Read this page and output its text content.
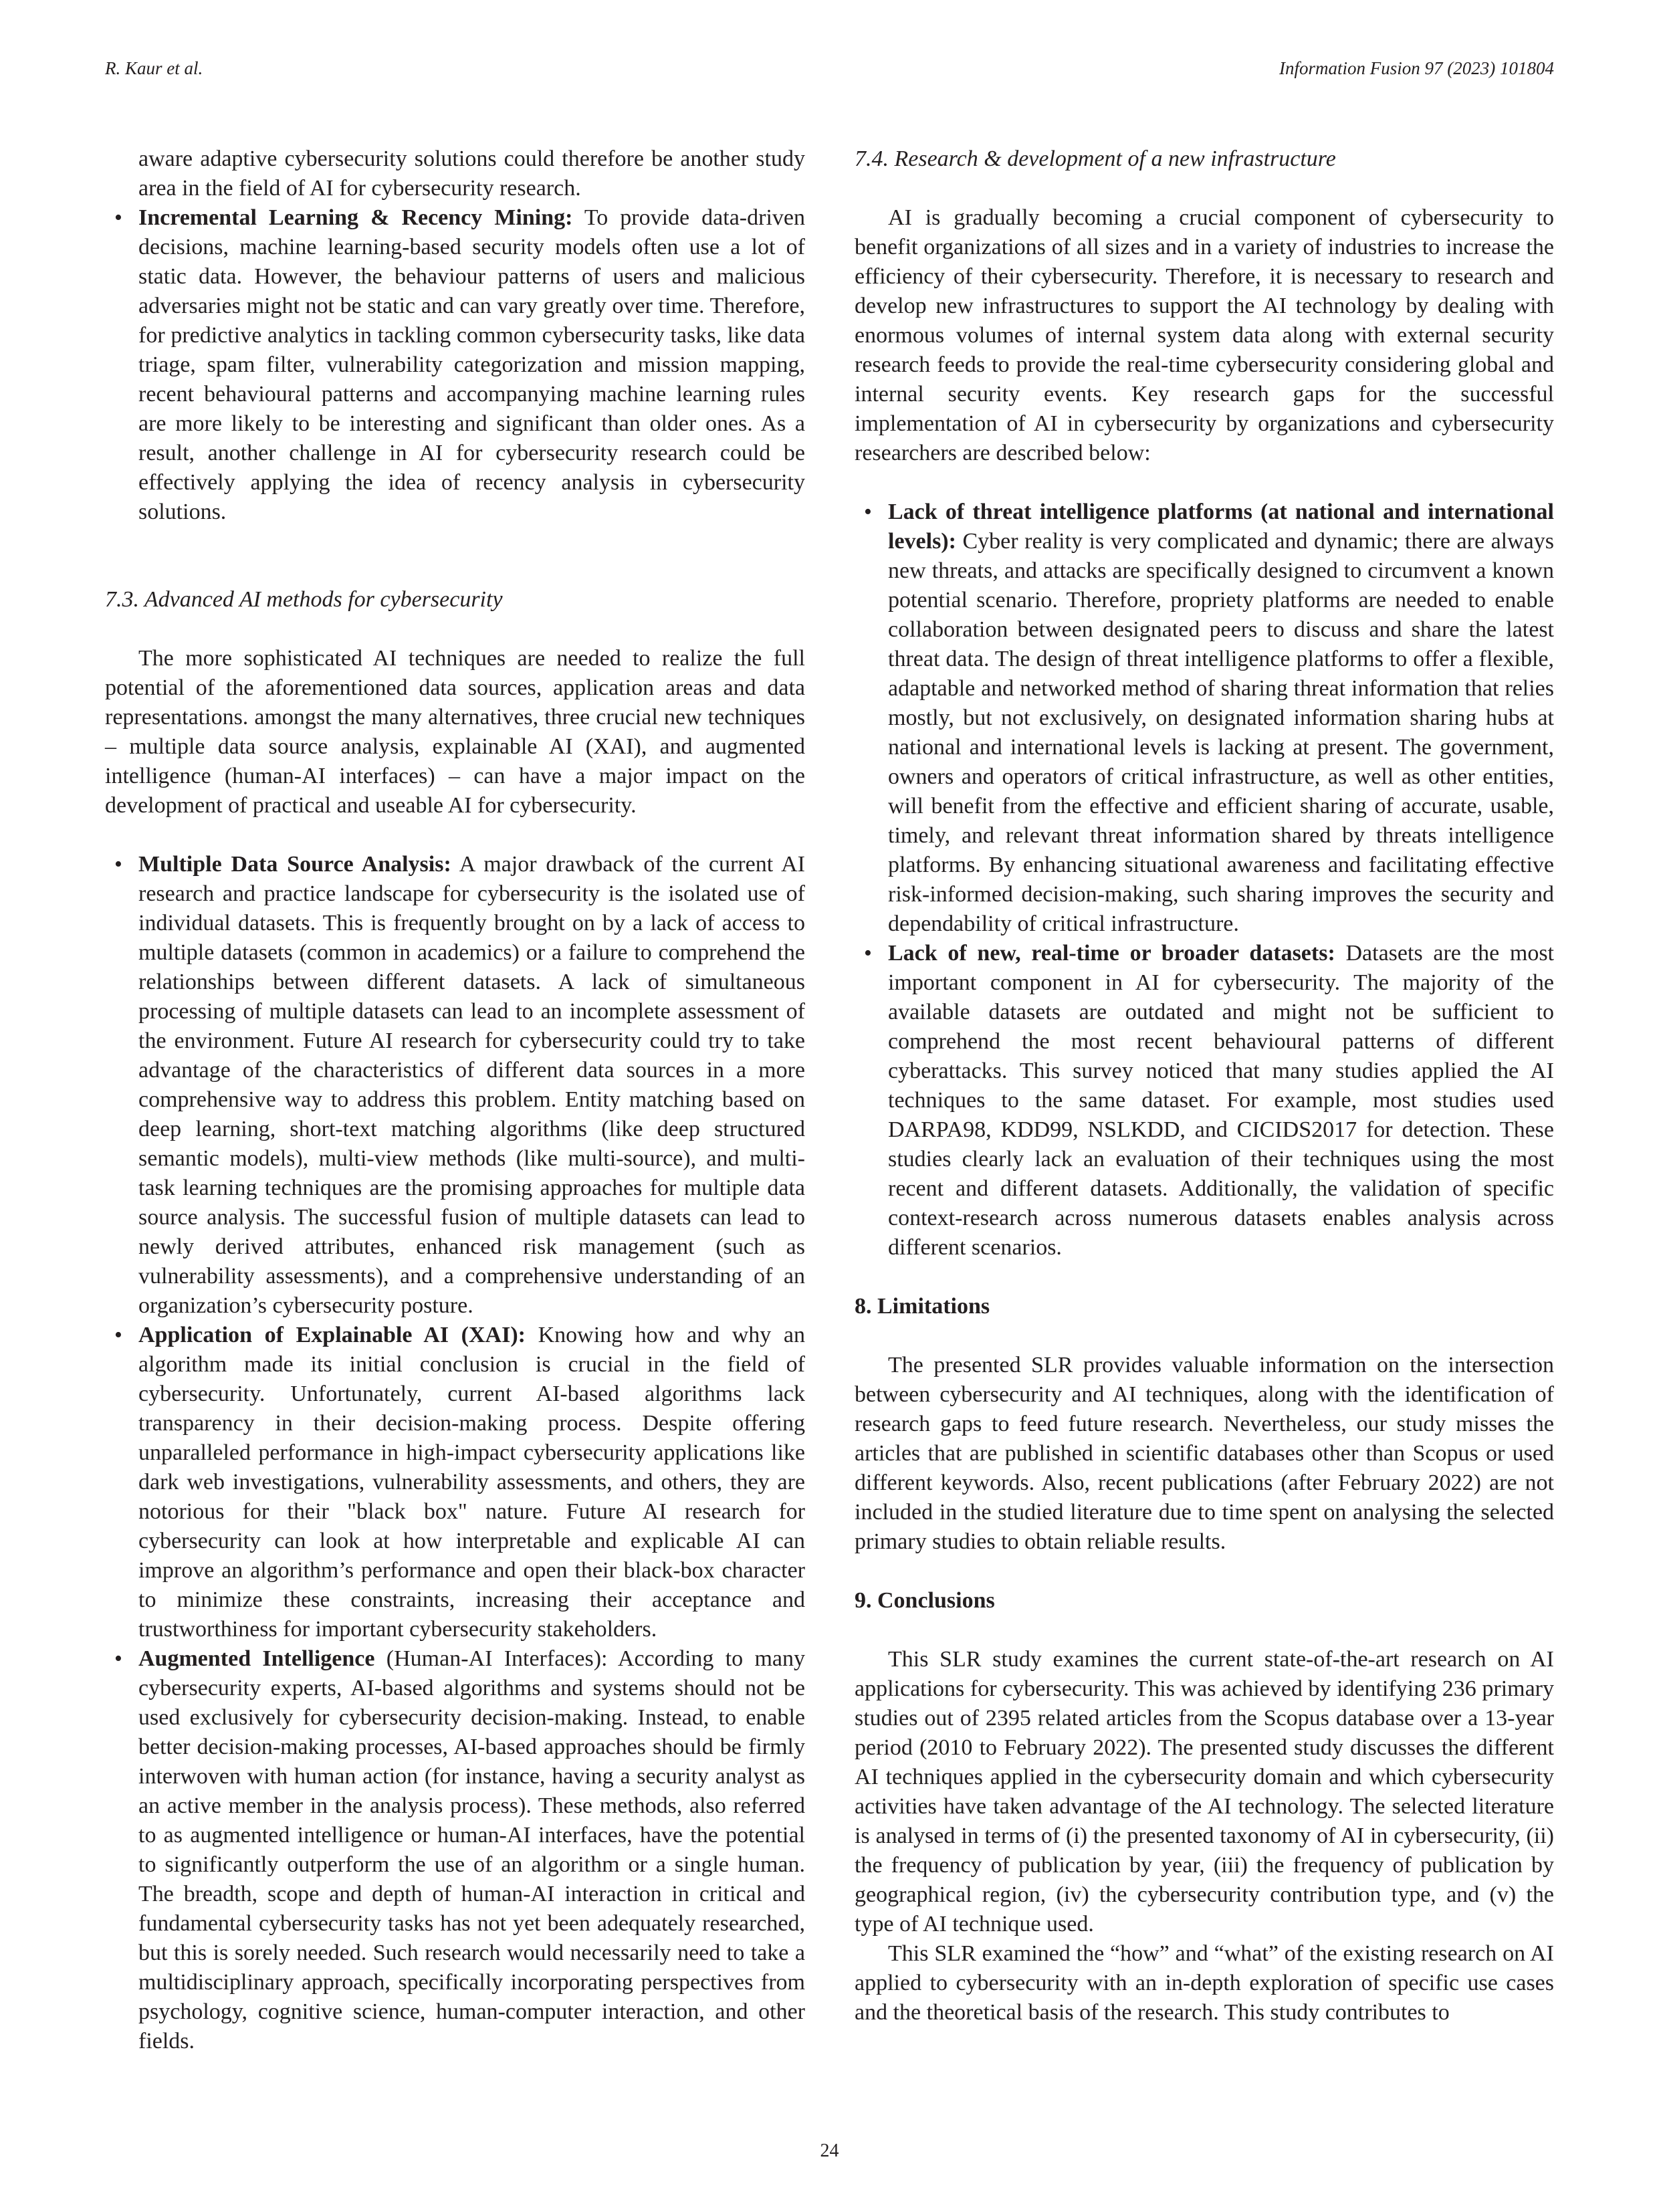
R. Kaur et al.	Information Fusion 97 (2023) 101804
aware adaptive cybersecurity solutions could therefore be another study area in the field of AI for cybersecurity research.
• Incremental Learning & Recency Mining: To provide data-driven decisions, machine learning-based security models often use a lot of static data. However, the behaviour patterns of users and malicious adversaries might not be static and can vary greatly over time. Therefore, for predictive analytics in tackling common cybersecurity tasks, like data triage, spam filter, vulnerability categorization and mission mapping, recent behavioural patterns and accompanying machine learning rules are more likely to be interesting and significant than older ones. As a result, another challenge in AI for cybersecurity research could be effectively applying the idea of recency analysis in cybersecurity solutions.

7.3. Advanced AI methods for cybersecurity

The more sophisticated AI techniques are needed to realize the full potential of the aforementioned data sources, application areas and data representations. amongst the many alternatives, three crucial new techniques – multiple data source analysis, explainable AI (XAI), and augmented intelligence (human-AI interfaces) – can have a major impact on the development of practical and useable AI for cybersecurity.

• Multiple Data Source Analysis: A major drawback of the current AI research and practice landscape for cybersecurity is the isolated use of individual datasets. This is frequently brought on by a lack of access to multiple datasets (common in academics) or a failure to comprehend the relationships between different datasets. A lack of simultaneous processing of multiple datasets can lead to an incomplete assessment of the environment. Future AI research for cybersecurity could try to take advantage of the characteristics of different data sources in a more comprehensive way to address this problem. Entity matching based on deep learning, short-text matching algorithms (like deep structured semantic models), multi-view methods (like multi-source), and multi-task learning techniques are the promising approaches for multiple data source analysis. The successful fusion of multiple datasets can lead to newly derived attributes, enhanced risk management (such as vulnerability assessments), and a comprehensive understanding of an organization’s cybersecurity posture.
• Application of Explainable AI (XAI): Knowing how and why an algorithm made its initial conclusion is crucial in the field of cybersecurity. Unfortunately, current AI-based algorithms lack transparency in their decision-making process. Despite offering unparalleled performance in high-impact cybersecurity applications like dark web investigations, vulnerability assessments, and others, they are notorious for their "black box" nature. Future AI research for cybersecurity can look at how interpretable and explicable AI can improve an algorithm’s performance and open their black-box character to minimize these constraints, increasing their acceptance and trustworthiness for important cybersecurity stakeholders.
• Augmented Intelligence (Human-AI Interfaces): According to many cybersecurity experts, AI-based algorithms and systems should not be used exclusively for cybersecurity decision-making. Instead, to enable better decision-making processes, AI-based approaches should be firmly interwoven with human action (for instance, having a security analyst as an active member in the analysis process). These methods, also referred to as augmented intelligence or human-AI interfaces, have the potential to significantly outperform the use of an algorithm or a single human. The breadth, scope and depth of human-AI interaction in critical and fundamental cybersecurity tasks has not yet been adequately researched, but this is sorely needed. Such research would necessarily need to take a multidisciplinary approach, specifically incorporating perspectives from psychology, cognitive science, human-computer interaction, and other fields.

7.4. Research & development of a new infrastructure

AI is gradually becoming a crucial component of cybersecurity to benefit organizations of all sizes and in a variety of industries to increase the efficiency of their cybersecurity. Therefore, it is necessary to research and develop new infrastructures to support the AI technology by dealing with enormous volumes of internal system data along with external security research feeds to provide the real-time cybersecurity considering global and internal security events. Key research gaps for the successful implementation of AI in cybersecurity by organizations and cybersecurity researchers are described below:

• Lack of threat intelligence platforms (at national and international levels): Cyber reality is very complicated and dynamic; there are always new threats, and attacks are specifically designed to circumvent a known potential scenario. Therefore, propriety platforms are needed to enable collaboration between designated peers to discuss and share the latest threat data. The design of threat intelligence platforms to offer a flexible, adaptable and networked method of sharing threat information that relies mostly, but not exclusively, on designated information sharing hubs at national and international levels is lacking at present. The government, owners and operators of critical infrastructure, as well as other entities, will benefit from the effective and efficient sharing of accurate, usable, timely, and relevant threat information shared by threats intelligence platforms. By enhancing situational awareness and facilitating effective risk-informed decision-making, such sharing improves the security and dependability of critical infrastructure.
• Lack of new, real-time or broader datasets: Datasets are the most important component in AI for cybersecurity. The majority of the available datasets are outdated and might not be sufficient to comprehend the most recent behavioural patterns of different cyberattacks. This survey noticed that many studies applied the AI techniques to the same dataset. For example, most studies used DARPA98, KDD99, NSLKDD, and CICIDS2017 for detection. These studies clearly lack an evaluation of their techniques using the most recent and different datasets. Additionally, the validation of specific context-research across numerous datasets enables analysis across different scenarios.

8. Limitations

The presented SLR provides valuable information on the intersection between cybersecurity and AI techniques, along with the identification of research gaps to feed future research. Nevertheless, our study misses the articles that are published in scientific databases other than Scopus or used different keywords. Also, recent publications (after February 2022) are not included in the studied literature due to time spent on analysing the selected primary studies to obtain reliable results.

9. Conclusions

This SLR study examines the current state-of-the-art research on AI applications for cybersecurity. This was achieved by identifying 236 primary studies out of 2395 related articles from the Scopus database over a 13-year period (2010 to February 2022). The presented study discusses the different AI techniques applied in the cybersecurity domain and which cybersecurity activities have taken advantage of the AI technology. The selected literature is analysed in terms of (i) the presented taxonomy of AI in cybersecurity, (ii) the frequency of publication by year, (iii) the frequency of publication by geographical region, (iv) the cybersecurity contribution type, and (v) the type of AI technique used.

This SLR examined the “how” and “what” of the existing research on AI applied to cybersecurity with an in-depth exploration of specific use cases and the theoretical basis of the research. This study contributes to

24
